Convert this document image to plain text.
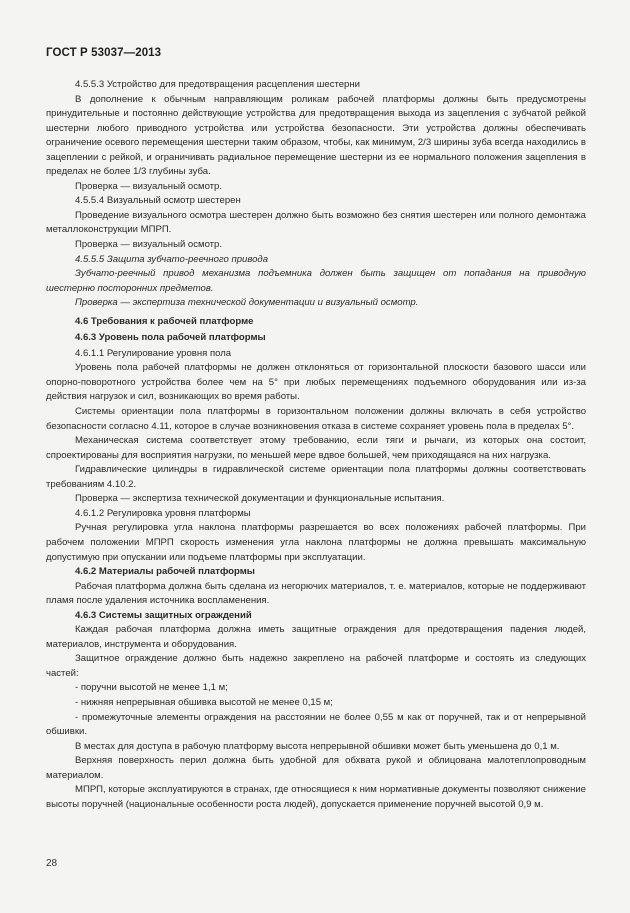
ГОСТ Р 53037—2013

4.5.5.3 Устройство для предотвращения расцепления шестерни

В дополнение к обычным направляющим роликам рабочей платформы должны быть предусмотрены принудительные и постоянно действующие устройства для предотвращения выхода из зацепления с зубчатой рейкой шестерни любого приводного устройства или устройства безопасности. Эти устройства должны обеспечивать ограничение осевого перемещения шестерни таким образом, чтобы, как минимум, 2/3 ширины зуба всегда находились в зацеплении с рейкой, и ограничивать радиальное перемещение шестерни из ее нормального положения зацепления в пределах не более 1/3 глубины зуба.

Проверка — визуальный осмотр.

4.5.5.4 Визуальный осмотр шестерен

Проведение визуального осмотра шестерен должно быть возможно без снятия шестерен или полного демонтажа металлоконструкции МПРП.

Проверка — визуальный осмотр.

4.5.5.5 Защита зубчато-реечного привода

Зубчато-реечный привод механизма подъемника должен быть защищен от попадания на приводную шестерню посторонних предметов.

Проверка — экспертиза технической документации и визуальный осмотр.

4.6 Требования к рабочей платформе

4.6.3 Уровень пола рабочей платформы

4.6.1.1 Регулирование уровня пола

Уровень пола рабочей платформы не должен отклоняться от горизонтальной плоскости базового шасси или опорно-поворотного устройства более чем на 5° при любых перемещениях подъемного оборудования или из-за действия нагрузок и сил, возникающих во время работы.

Системы ориентации пола платформы в горизонтальном положении должны включать в себя устройство безопасности согласно 4.11, которое в случае возникновения отказа в системе сохраняет уровень пола в пределах 5°.

Механическая система соответствует этому требованию, если тяги и рычаги, из которых она состоит, спроектированы для восприятия нагрузки, по меньшей мере вдвое большей, чем приходящаяся на них нагрузка.

Гидравлические цилиндры в гидравлической системе ориентации пола платформы должны соответствовать требованиям 4.10.2.

Проверка — экспертиза технической документации и функциональные испытания.

4.6.1.2 Регулировка уровня платформы

Ручная регулировка угла наклона платформы разрешается во всех положениях рабочей платформы. При рабочем положении МПРП скорость изменения угла наклона платформы не должна превышать максимальную допустимую при опускании или подъеме платформы при эксплуатации.

4.6.2 Материалы рабочей платформы

Рабочая платформа должна быть сделана из негорючих материалов, т. е. материалов, которые не поддерживают пламя после удаления источника воспламенения.

4.6.3 Системы защитных ограждений

Каждая рабочая платформа должна иметь защитные ограждения для предотвращения падения людей, материалов, инструмента и оборудования.

Защитное ограждение должно быть надежно закреплено на рабочей платформе и состоять из следующих частей:

- поручни высотой не менее 1,1 м;

- нижняя непрерывная обшивка высотой не менее 0,15 м;

- промежуточные элементы ограждения на расстоянии не более 0,55 м как от поручней, так и от непрерывной обшивки.

В местах для доступа в рабочую платформу высота непрерывной обшивки может быть уменьшена до 0,1 м.

Верхняя поверхность перил должна быть удобной для обхвата рукой и облицована малотеплопроводным материалом.

МПРП, которые эксплуатируются в странах, где относящиеся к ним нормативные документы позволяют снижение высоты поручней (национальные особенности роста людей), допускается применение поручней высотой 0,9 м.

28
